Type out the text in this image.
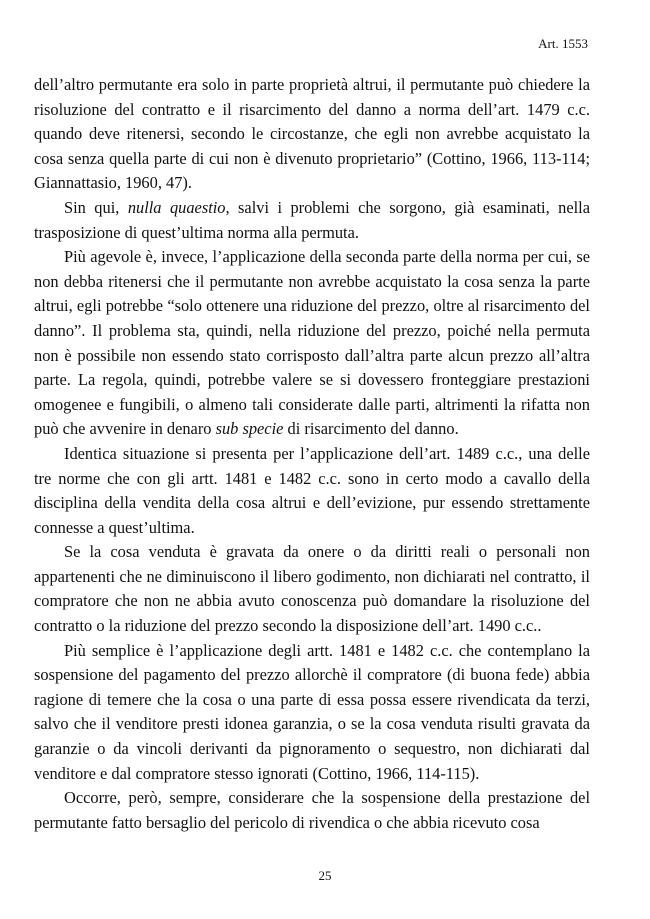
Art. 1553

dell’altro permutante era solo in parte proprietà altrui, il permutante può chiedere la risoluzione del contratto e il risarcimento del danno a norma dell’art. 1479 c.c. quando deve ritenersi, secondo le circostanze, che egli non avrebbe acquistato la cosa senza quella parte di cui non è divenuto proprietario” (Cottino, 1966, 113-114; Giannattasio, 1960, 47).

Sin qui, nulla quaestio, salvi i problemi che sorgono, già esaminati, nella trasposizione di quest’ultima norma alla permuta.

Più agevole è, invece, l’applicazione della seconda parte della norma per cui, se non debba ritenersi che il permutante non avrebbe acquistato la cosa senza la parte altrui, egli potrebbe “solo ottenere una riduzione del prezzo, oltre al risarcimento del danno”. Il problema sta, quindi, nella riduzione del prezzo, poiché nella permuta non è possibile non essendo stato corrisposto dall’altra parte alcun prezzo all’altra parte. La regola, quindi, potrebbe valere se si dovessero fronteggiare prestazioni omogenee e fungibili, o almeno tali considerate dalle parti, altrimenti la rifatta non può che avvenire in denaro sub specie di risarcimento del danno.

Identica situazione si presenta per l’applicazione dell’art. 1489 c.c., una delle tre norme che con gli artt. 1481 e 1482 c.c. sono in certo modo a cavallo della disciplina della vendita della cosa altrui e dell’evizione, pur essendo strettamente connesse a quest’ultima.

Se la cosa venduta è gravata da onere o da diritti reali o personali non appartenenti che ne diminuiscono il libero godimento, non dichiarati nel contratto, il compratore che non ne abbia avuto conoscenza può domandare la risoluzione del contratto o la riduzione del prezzo secondo la disposizione dell’art. 1490 c.c..

Più semplice è l’applicazione degli artt. 1481 e 1482 c.c. che contemplano la sospensione del pagamento del prezzo allorchè il compratore (di buona fede) abbia ragione di temere che la cosa o una parte di essa possa essere rivendicata da terzi, salvo che il venditore presti idonea garanzia, o se la cosa venduta risulti gravata da garanzie o da vincoli derivanti da pignoramento o sequestro, non dichiarati dal venditore e dal compratore stesso ignorati (Cottino, 1966, 114-115).

Occorre, però, sempre, considerare che la sospensione della prestazione del permutante fatto bersaglio del pericolo di rivendica o che abbia ricevuto cosa

25
